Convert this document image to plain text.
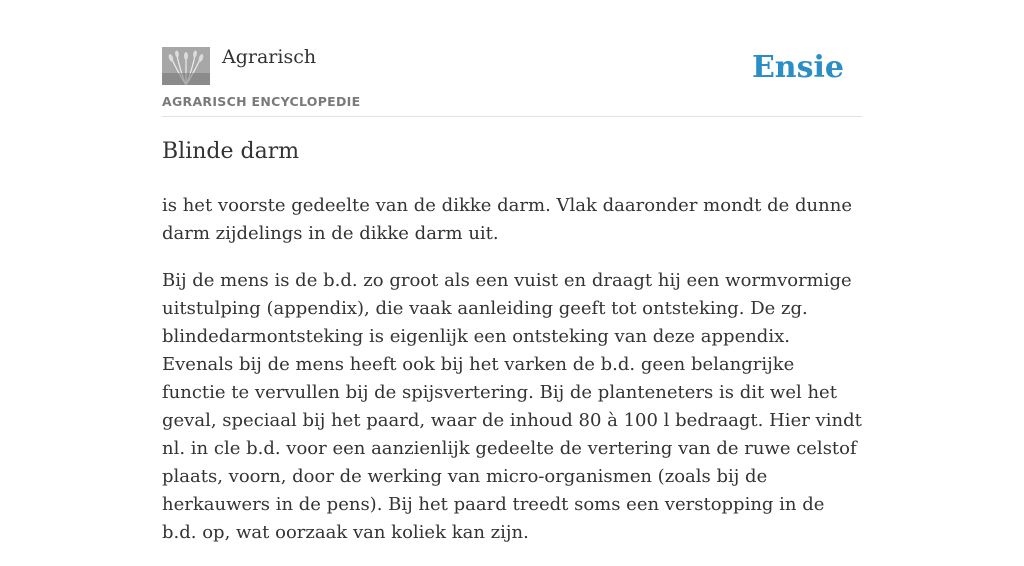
Agrarisch
AGRARISCH ENCYCLOPEDIE
Ensie
Blinde darm

is het voorste gedeelte van de dikke darm. Vlak daaronder mondt de dunne darm zijdelings in de dikke darm uit.

Bij de mens is de b.d. zo groot als een vuist en draagt hij een wormvormige uitstulping (appendix), die vaak aanleiding geeft tot ontsteking. De zg. blindedarmontsteking is eigenlijk een ontsteking van deze appendix. Evenals bij de mens heeft ook bij het varken de b.d. geen belangrijke functie te vervullen bij de spijsvertering. Bij de planteneters is dit wel het geval, speciaal bij het paard, waar de inhoud 80 à 100 l bedraagt. Hier vindt nl. in cle b.d. voor een aanzienlijk gedeelte de vertering van de ruwe celstof plaats, voorn, door de werking van micro-organismen (zoals bij de herkauwers in de pens). Bij het paard treedt soms een verstopping in de b.d. op, wat oorzaak van koliek kan zijn.
